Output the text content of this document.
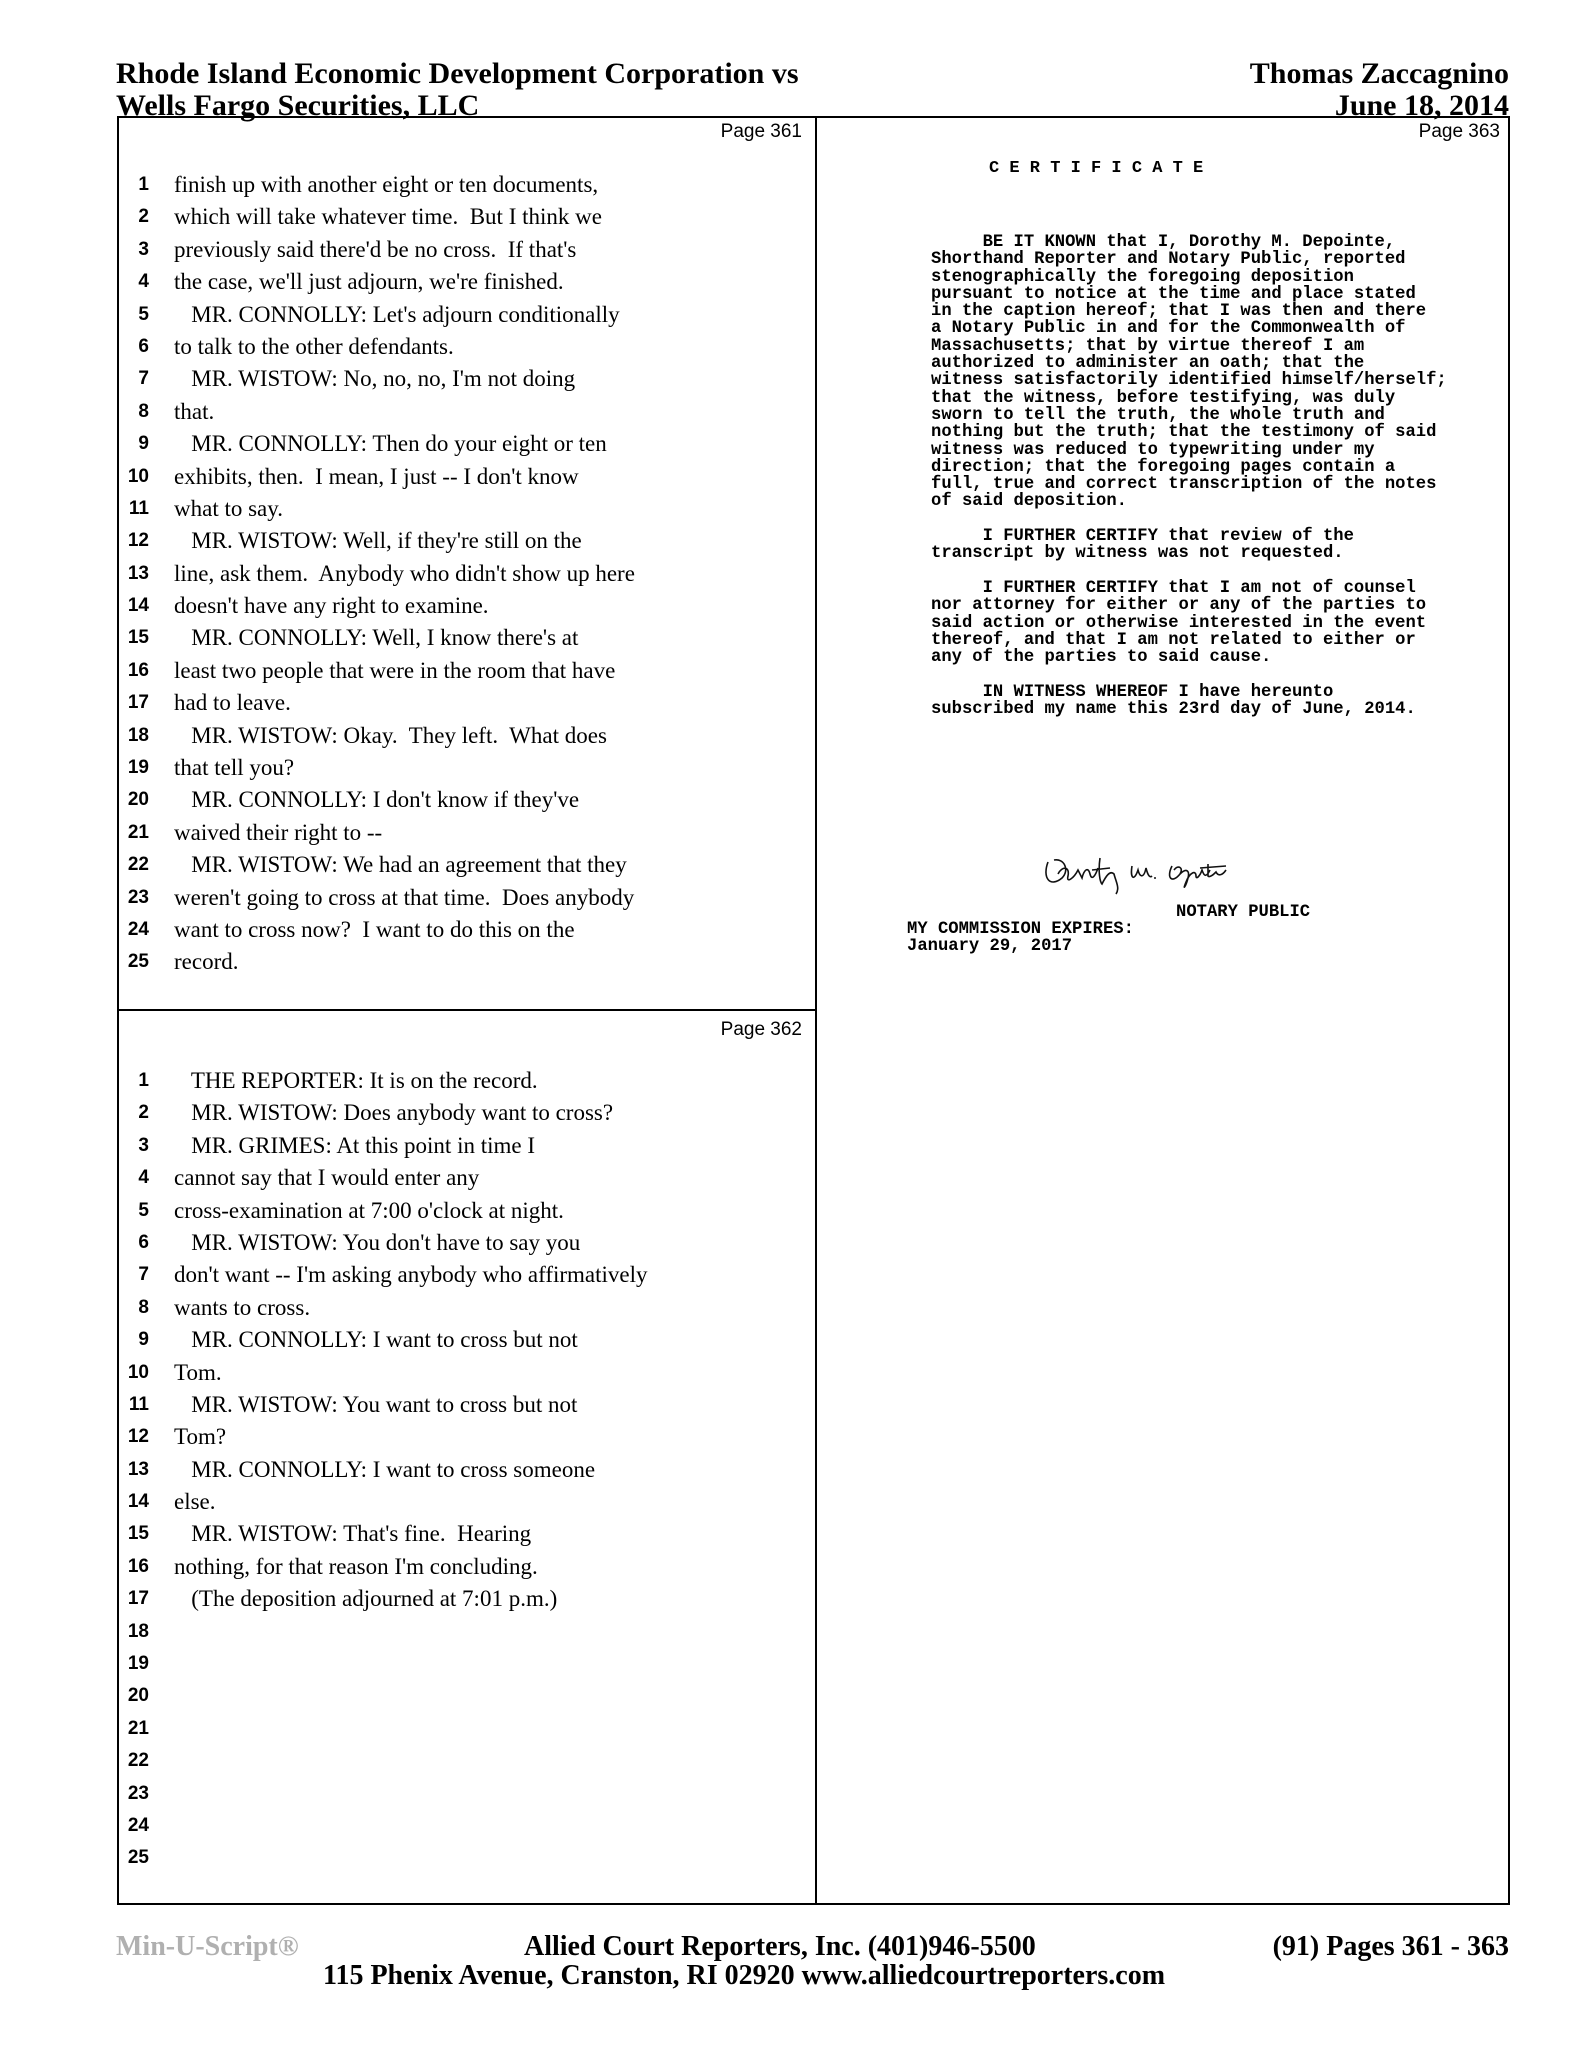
Rhode Island Economic Development Corporation vs
Wells Fargo Securities, LLC
Thomas Zaccagnino
June 18, 2014
Page 361
Page 362
Page 363
1 finish up with another eight or ten documents,
2 which will take whatever time.  But I think we
3 previously said there'd be no cross.  If that's
4 the case, we'll just adjourn, we're finished.
5 MR. CONNOLLY: Let's adjourn conditionally
6 to talk to the other defendants.
7 MR. WISTOW: No, no, no, I'm not doing
8 that.
9 MR. CONNOLLY: Then do your eight or ten
10 exhibits, then.  I mean, I just -- I don't know
11 what to say.
12 MR. WISTOW: Well, if they're still on the
13 line, ask them.  Anybody who didn't show up here
14 doesn't have any right to examine.
15 MR. CONNOLLY: Well, I know there's at
16 least two people that were in the room that have
17 had to leave.
18 MR. WISTOW: Okay.  They left.  What does
19 that tell you?
20 MR. CONNOLLY: I don't know if they've
21 waived their right to --
22 MR. WISTOW: We had an agreement that they
23 weren't going to cross at that time.  Does anybody
24 want to cross now?  I want to do this on the
25 record.
1 THE REPORTER: It is on the record.
2 MR. WISTOW: Does anybody want to cross?
3 MR. GRIMES: At this point in time I
4 cannot say that I would enter any
5 cross-examination at 7:00 o'clock at night.
6 MR. WISTOW: You don't have to say you
7 don't want -- I'm asking anybody who affirmatively
8 wants to cross.
9 MR. CONNOLLY: I want to cross but not
10 Tom.
11 MR. WISTOW: You want to cross but not
12 Tom?
13 MR. CONNOLLY: I want to cross someone
14 else.
15 MR. WISTOW: That's fine.  Hearing
16 nothing, for that reason I'm concluding.
17 (The deposition adjourned at 7:01 p.m.)
18
19
20
21
22
23
24
25
C E R T I F I C A T E
BE IT KNOWN that I, Dorothy M. Depointe,
Shorthand Reporter and Notary Public, reported
stenographically the foregoing deposition
pursuant to notice at the time and place stated
in the caption hereof; that I was then and there
a Notary Public in and for the Commonwealth of
Massachusetts; that by virtue thereof I am
authorized to administer an oath; that the
witness satisfactorily identified himself/herself;
that the witness, before testifying, was duly
sworn to tell the truth, the whole truth and
nothing but the truth; that the testimony of said
witness was reduced to typewriting under my
direction; that the foregoing pages contain a
full, true and correct transcription of the notes
of said deposition.
I FURTHER CERTIFY that review of the
transcript by witness was not requested.
I FURTHER CERTIFY that I am not of counsel
nor attorney for either or any of the parties to
said action or otherwise interested in the event
thereof, and that I am not related to either or
any of the parties to said cause.
IN WITNESS WHEREOF I have hereunto
subscribed my name this 23rd day of June, 2014.
NOTARY PUBLIC
MY COMMISSION EXPIRES:
January 29, 2017
Min-U-Script®	Allied Court Reporters, Inc. (401)946-5500	(91) Pages 361 - 363
115 Phenix Avenue, Cranston, RI 02920 www.alliedcourtreporters.com
